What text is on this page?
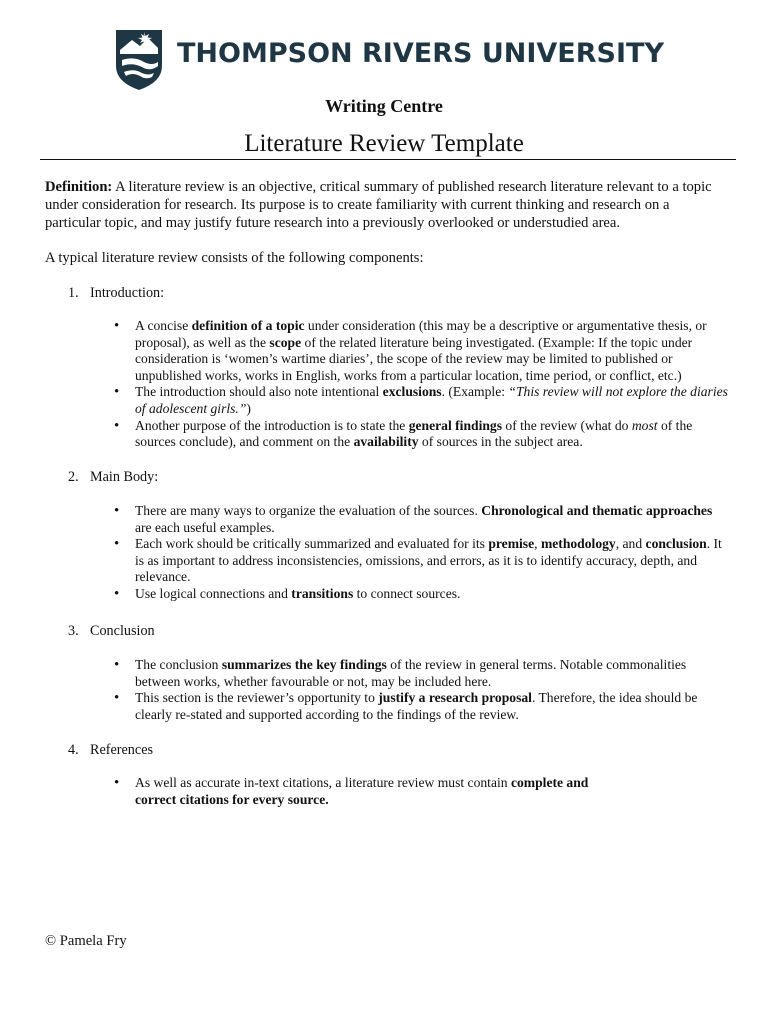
THOMPSON RIVERS UNIVERSITY
Writing Centre
Literature Review Template
Definition: A literature review is an objective, critical summary of published research literature relevant to a topic under consideration for research. Its purpose is to create familiarity with current thinking and research on a particular topic, and may justify future research into a previously overlooked or understudied area.
A typical literature review consists of the following components:
1. Introduction:
• A concise definition of a topic under consideration (this may be a descriptive or argumentative thesis, or proposal), as well as the scope of the related literature being investigated. (Example: If the topic under consideration is ‘women’s wartime diaries’, the scope of the review may be limited to published or unpublished works, works in English, works from a particular location, time period, or conflict, etc.)
• The introduction should also note intentional exclusions. (Example: “This review will not explore the diaries of adolescent girls.”)
• Another purpose of the introduction is to state the general findings of the review (what do most of the sources conclude), and comment on the availability of sources in the subject area.
2. Main Body:
• There are many ways to organize the evaluation of the sources. Chronological and thematic approaches are each useful examples.
• Each work should be critically summarized and evaluated for its premise, methodology, and conclusion. It is as important to address inconsistencies, omissions, and errors, as it is to identify accuracy, depth, and relevance.
• Use logical connections and transitions to connect sources.
3. Conclusion
• The conclusion summarizes the key findings of the review in general terms. Notable commonalities between works, whether favourable or not, may be included here.
• This section is the reviewer’s opportunity to justify a research proposal. Therefore, the idea should be clearly re-stated and supported according to the findings of the review.
4. References
• As well as accurate in-text citations, a literature review must contain complete and correct citations for every source.
© Pamela Fry
